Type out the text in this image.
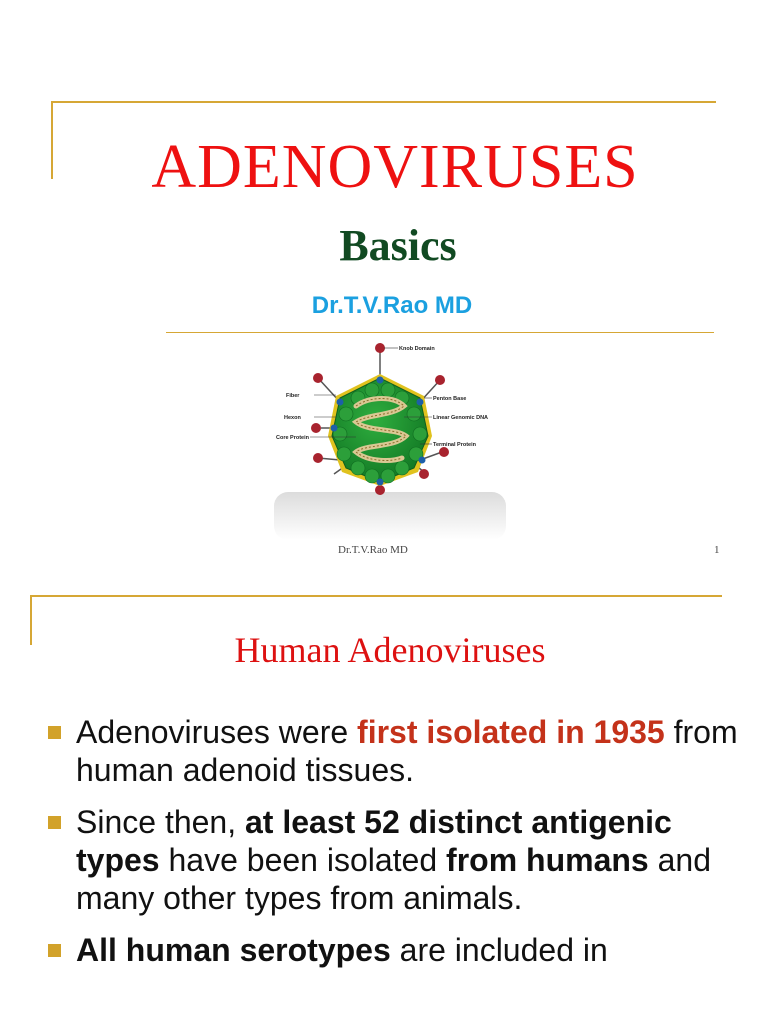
ADENOVIRUSES
Basics
Dr.T.V.Rao MD
Knob Domain
Fiber	Penton Base
Hexon	Linear Genomic DNA
Core Protein
Terminal Protein
Dr.T.V.Rao MD	1
Human Adenoviruses
Adenoviruses were first isolated in 1935 from human adenoid tissues.
Since then, at least 52 distinct antigenic types have been isolated from humans and many other types from animals.
All human serotypes are included in
